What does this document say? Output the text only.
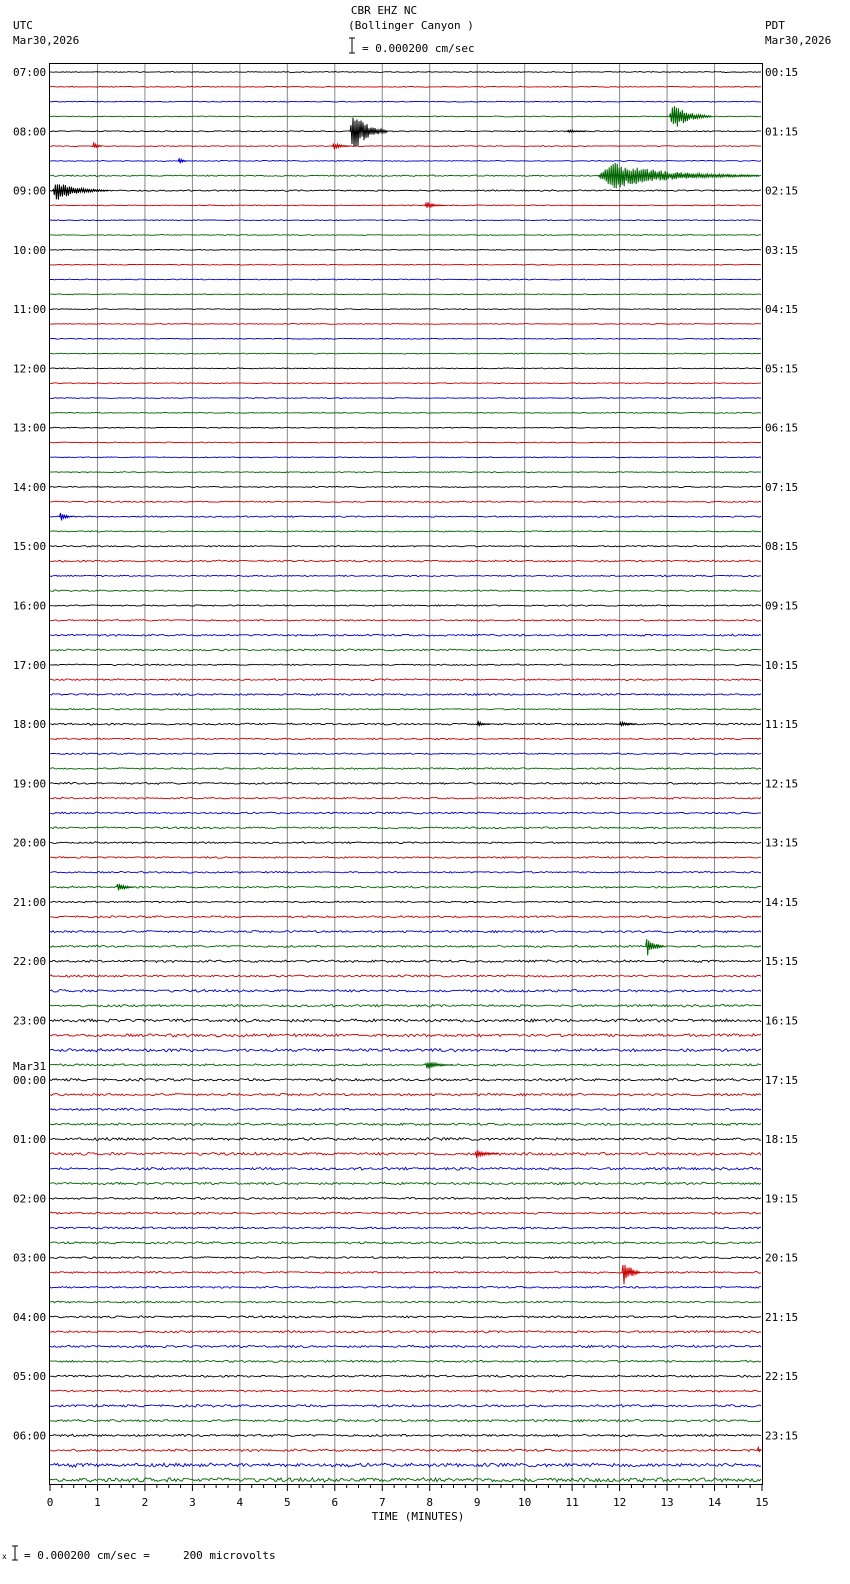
CBR EHZ NC
(Bollinger Canyon )
UTC
Mar30,2026
PDT
Mar30,2026
= 0.000200 cm/sec
07:00
08:00
09:00
10:00
11:00
12:00
13:00
14:00
15:00
16:00
17:00
18:00
19:00
20:00
21:00
22:00
23:00
00:00
Mar31
01:00
02:00
03:00
04:00
05:00
06:00
00:15
01:15
02:15
03:15
04:15
05:15
06:15
07:15
08:15
09:15
10:15
11:15
12:15
13:15
14:15
15:15
16:15
17:15
18:15
19:15
20:15
21:15
22:15
23:15
0	1	2	3	4	5	6	7	8	9	10	11	12	13	14	15
TIME (MINUTES)
x = 0.000200 cm/sec =     200 microvolts
